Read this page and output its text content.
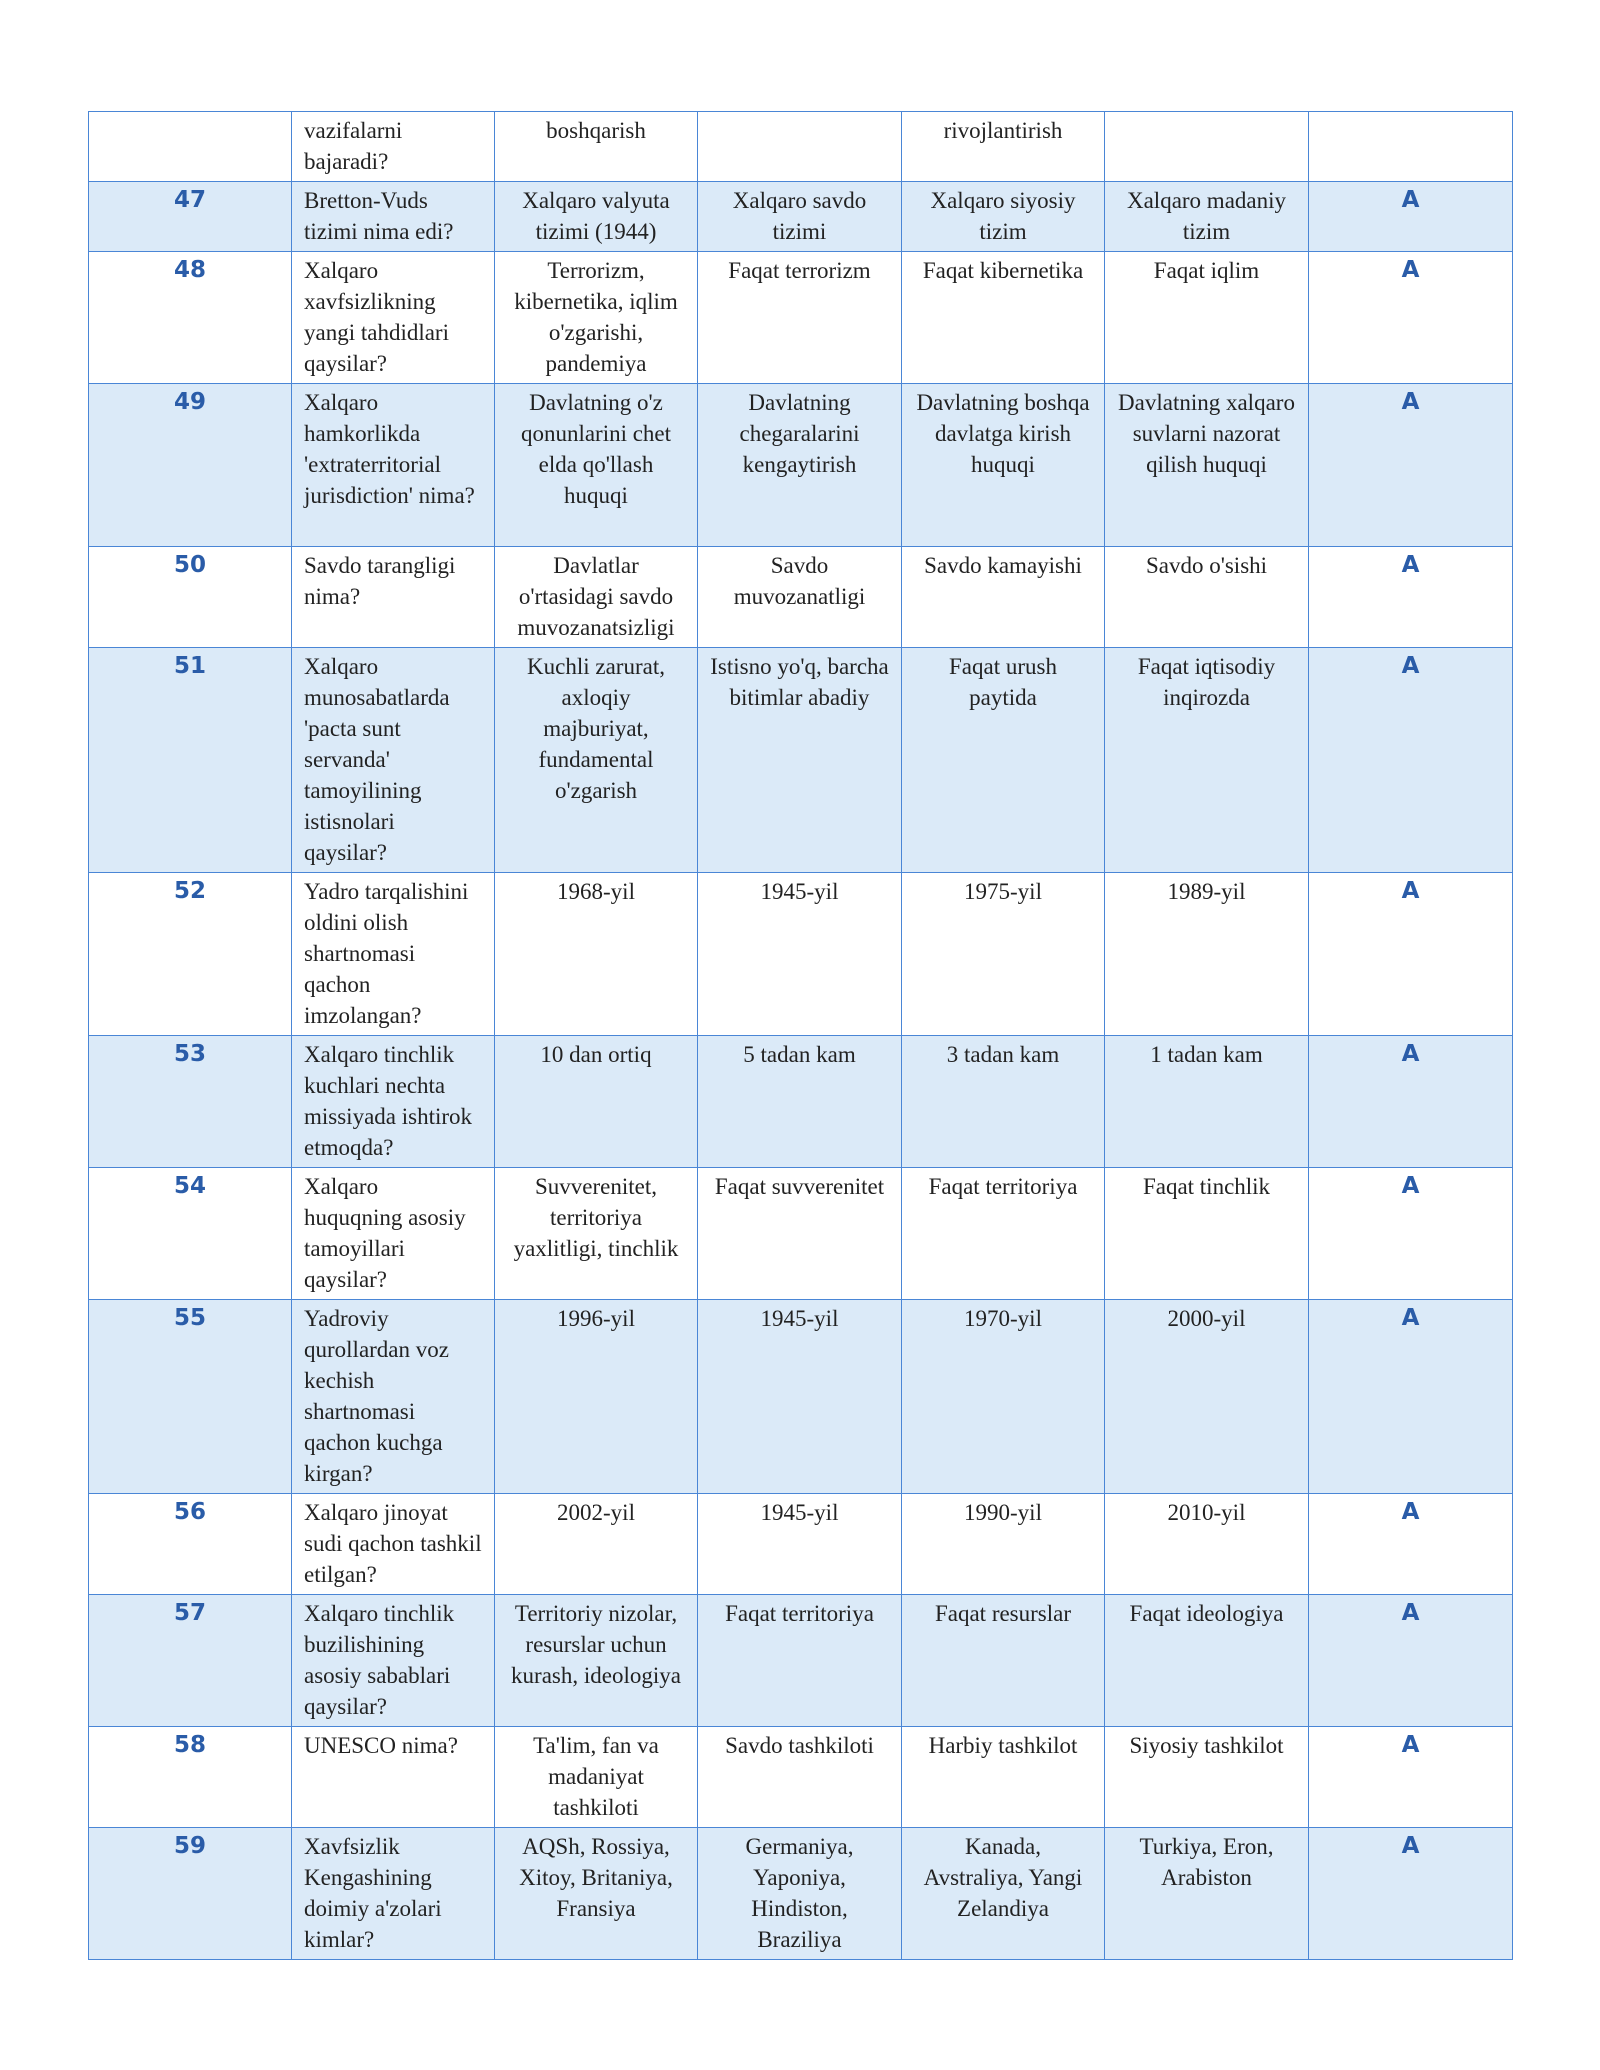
	vazifalarni bajaradi?	boshqarish		rivojlantirish		
47	Bretton-Vuds tizimi nima edi?	Xalqaro valyuta tizimi (1944)	Xalqaro savdo tizimi	Xalqaro siyosiy tizim	Xalqaro madaniy tizim	A
48	Xalqaro xavfsizlikning yangi tahdidlari qaysilar?	Terrorizm, kibernetika, iqlim o'zgarishi, pandemiya	Faqat terrorizm	Faqat kibernetika	Faqat iqlim	A
49	Xalqaro hamkorlikda 'extraterritorial jurisdiction' nima?	Davlatning o'z qonunlarini chet elda qo'llash huquqi	Davlatning chegaralarini kengaytirish	Davlatning boshqa davlatga kirish huquqi	Davlatning xalqaro suvlarni nazorat qilish huquqi	A
50	Savdo tarangligi nima?	Davlatlar o'rtasidagi savdo muvozanatsizligi	Savdo muvozanatligi	Savdo kamayishi	Savdo o'sishi	A
51	Xalqaro munosabatlarda 'pacta sunt servanda' tamoyilining istisnolari qaysilar?	Kuchli zarurat, axloqiy majburiyat, fundamental o'zgarish	Istisno yo'q, barcha bitimlar abadiy	Faqat urush paytida	Faqat iqtisodiy inqirozda	A
52	Yadro tarqalishini oldini olish shartnomasi qachon imzolangan?	1968-yil	1945-yil	1975-yil	1989-yil	A
53	Xalqaro tinchlik kuchlari nechta missiyada ishtirok etmoqda?	10 dan ortiq	5 tadan kam	3 tadan kam	1 tadan kam	A
54	Xalqaro huquqning asosiy tamoyillari qaysilar?	Suvverenitet, territoriya yaxlitligi, tinchlik	Faqat suvverenitet	Faqat territoriya	Faqat tinchlik	A
55	Yadroviy qurollardan voz kechish shartnomasi qachon kuchga kirgan?	1996-yil	1945-yil	1970-yil	2000-yil	A
56	Xalqaro jinoyat sudi qachon tashkil etilgan?	2002-yil	1945-yil	1990-yil	2010-yil	A
57	Xalqaro tinchlik buzilishining asosiy sabablari qaysilar?	Territoriy nizolar, resurslar uchun kurash, ideologiya	Faqat territoriya	Faqat resurslar	Faqat ideologiya	A
58	UNESCO nima?	Ta'lim, fan va madaniyat tashkiloti	Savdo tashkiloti	Harbiy tashkilot	Siyosiy tashkilot	A
59	Xavfsizlik Kengashining doimiy a'zolari kimlar?	AQSh, Rossiya, Xitoy, Britaniya, Fransiya	Germaniya, Yaponiya, Hindiston, Braziliya	Kanada, Avstraliya, Yangi Zelandiya	Turkiya, Eron, Arabiston	A
